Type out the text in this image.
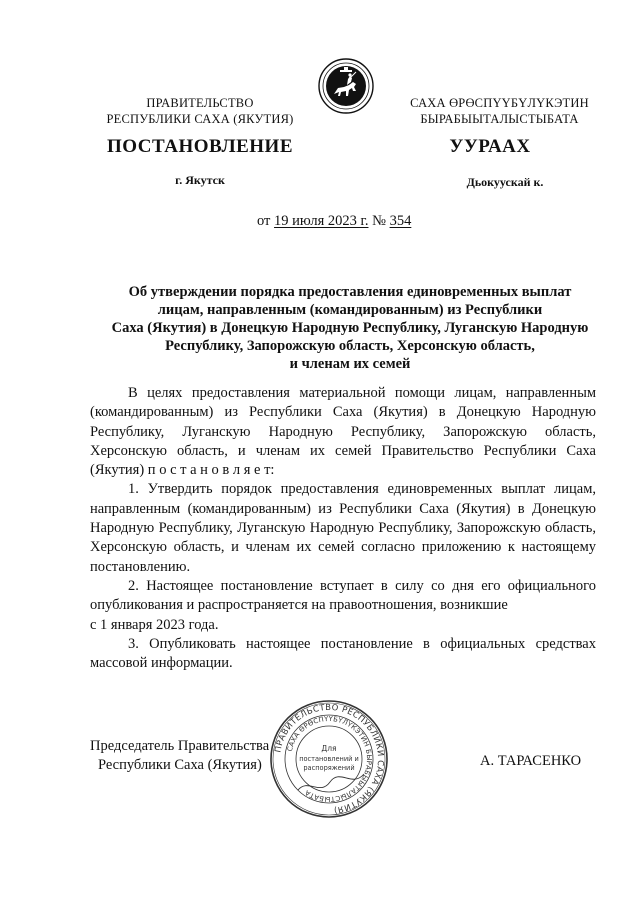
ПРАВИТЕЛЬСТВО
РЕСПУБЛИКИ САХА (ЯКУТИЯ)
САХА ӨРӨСПҮҮБҮЛҮКЭТИН
БЫРАБЫЫТАЛЫСТЫБАТА
ПОСТАНОВЛЕНИЕ	УУРААХ
г. Якутск	Дьокуускай к.
от 19 июля 2023 г. № 354
Об утверждении порядка предоставления единовременных выплат
лицам, направленным (командированным) из Республики
Саха (Якутия) в Донецкую Народную Республику, Луганскую Народную
Республику, Запорожскую область, Херсонскую область,
и членам их семей

В целях предоставления материальной помощи лицам, направленным (командированным) из Республики Саха (Якутия) в Донецкую Народную Республику, Луганскую Народную Республику, Запорожскую область, Херсонскую область, и членам их семей Правительство Республики Саха (Якутия) п о с т а н о в л я е т:

1. Утвердить порядок предоставления единовременных выплат лицам, направленным (командированным) из Республики Саха (Якутия) в Донецкую Народную Республику, Луганскую Народную Республику, Запорожскую область, Херсонскую область, и членам их семей согласно приложению к настоящему постановлению.

2. Настоящее постановление вступает в силу со дня его официального опубликования и распространяется на правоотношения, возникшие

с 1 января 2023 года.

3. Опубликовать настоящее постановление в официальных средствах массовой информации.

Председатель Правительства
Республики Саха (Якутия)	А. ТАРАСЕНКО
ПРАВИТЕЛЬСТВО РЕСПУБЛИКИ САХА (ЯКУТИЯ)
САХА ӨРӨСПҮҮБҮЛҮКЭТИН БЫРАБЫЫТАЛЫСТЫБАТА
Для
постановлений и
распоряжений
